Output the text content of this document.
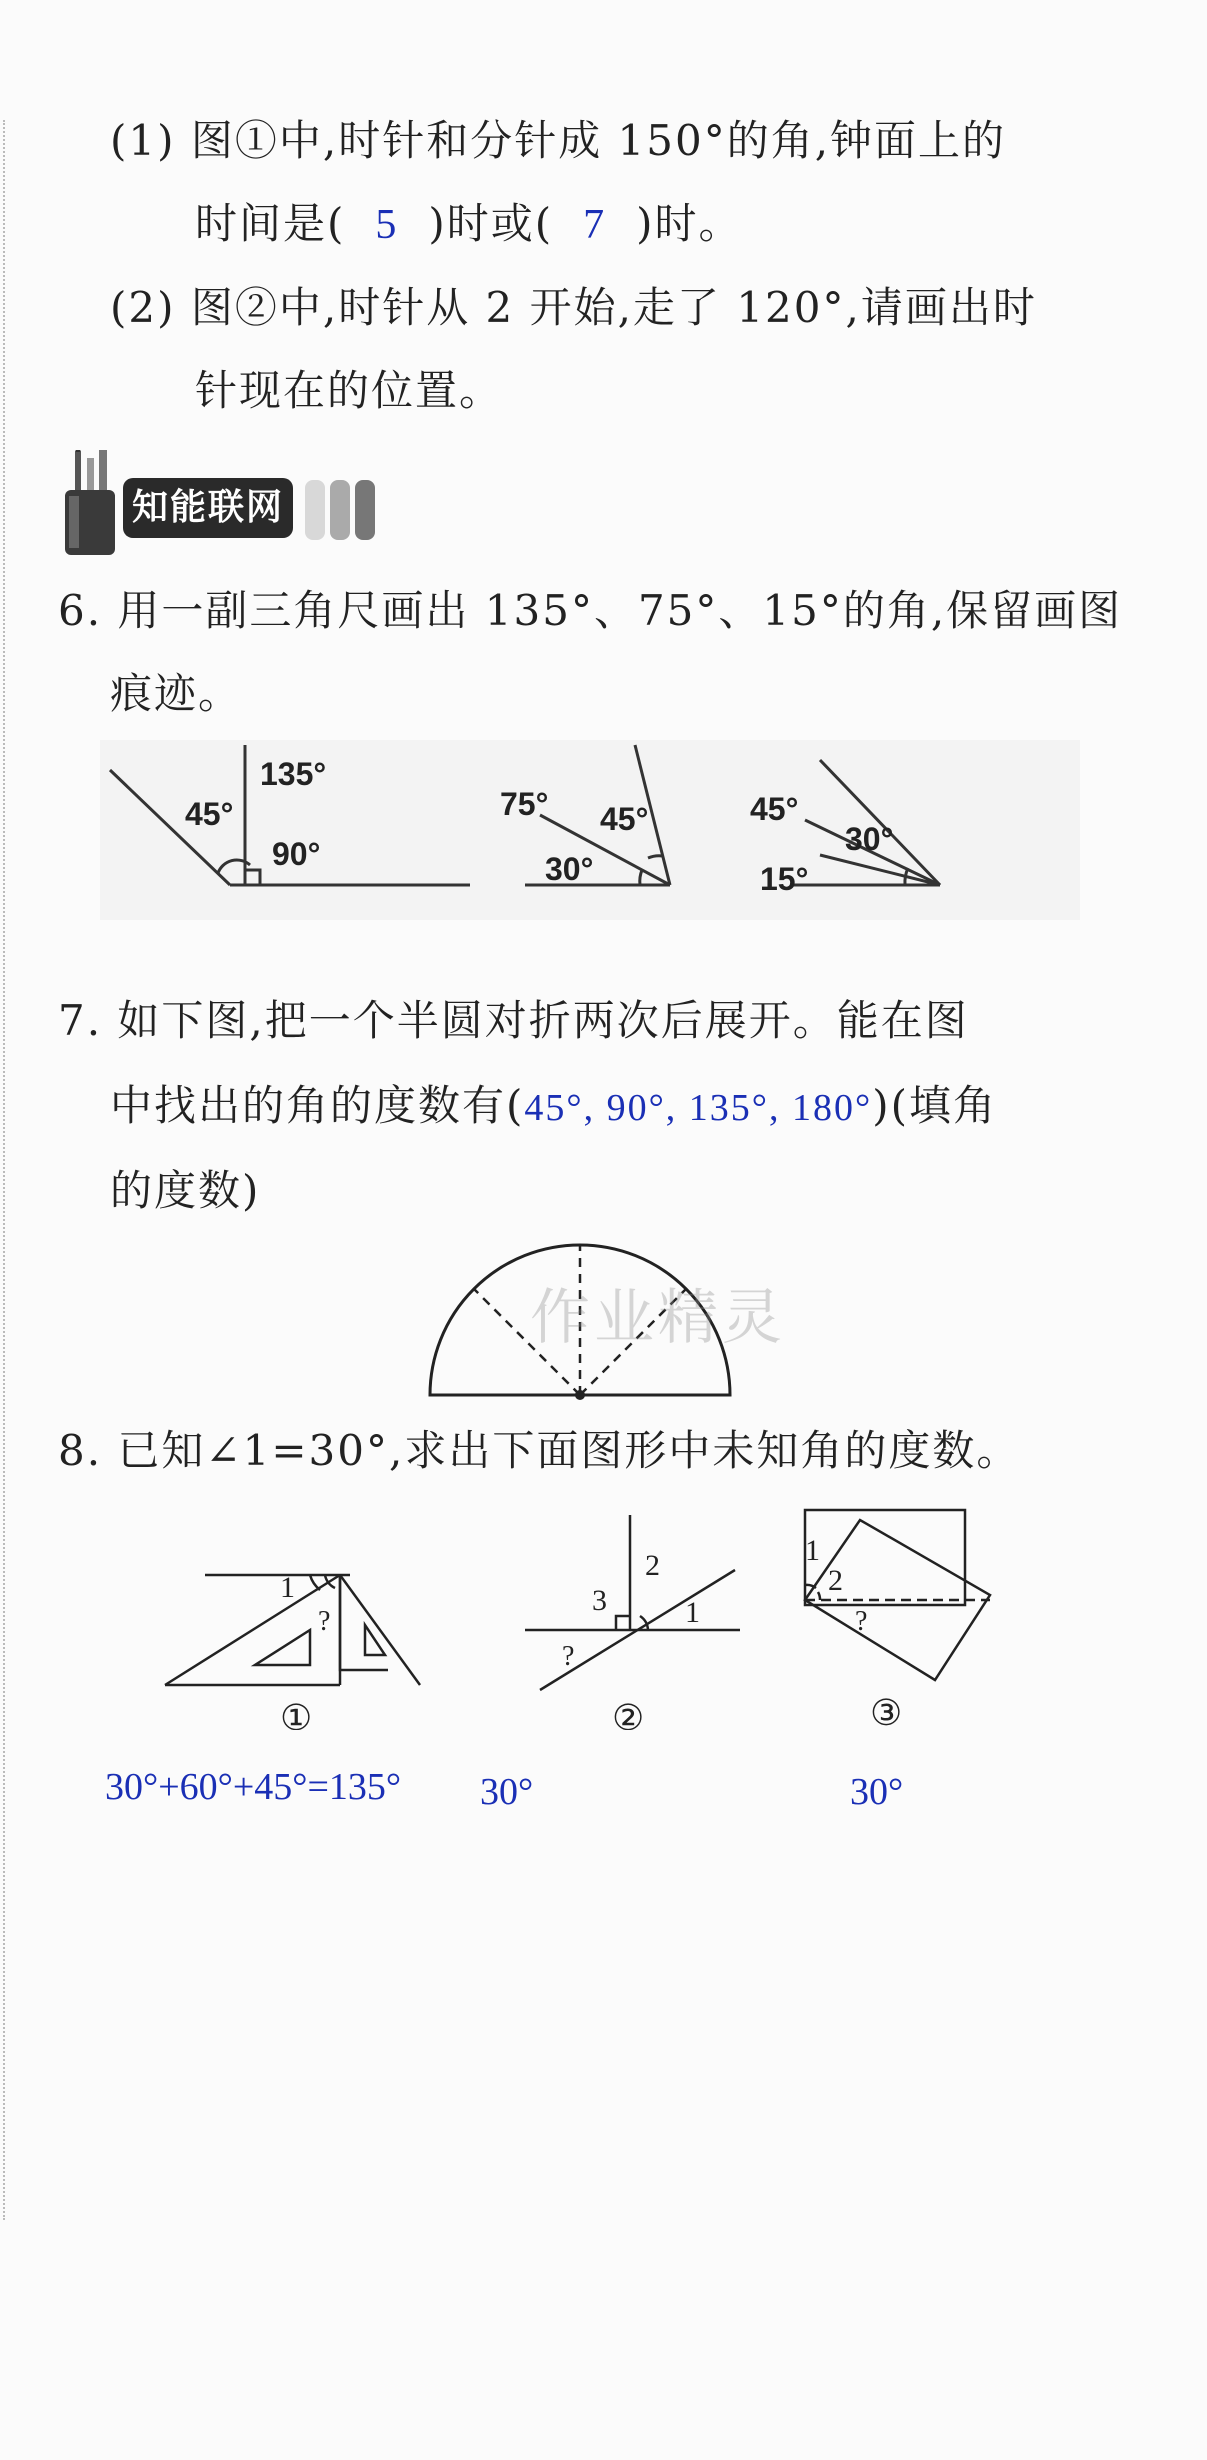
(1) 图①中,时针和分针成 150°的角,钟面上的
时间是( 5 )时或( 7 )时。
(2) 图②中,时针从 2 开始,走了 120°,请画出时
针现在的位置。
知能联网
6. 用一副三角尺画出 135°、75°、15°的角,保留画图
痕迹。
45°
135°
90°
75° 45°
30°
45°
30°
15°
7. 如下图,把一个半圆对折两次后展开。能在图
中找出的角的度数有(45°, 90°, 135°, 180°)(填角
的度数)
作业精灵
8. 已知∠1=30°,求出下面图形中未知角的度数。
1
?
①
2
3	1
?
②
1
2
?
③
30°+60°+45°=135° 30°	30°
